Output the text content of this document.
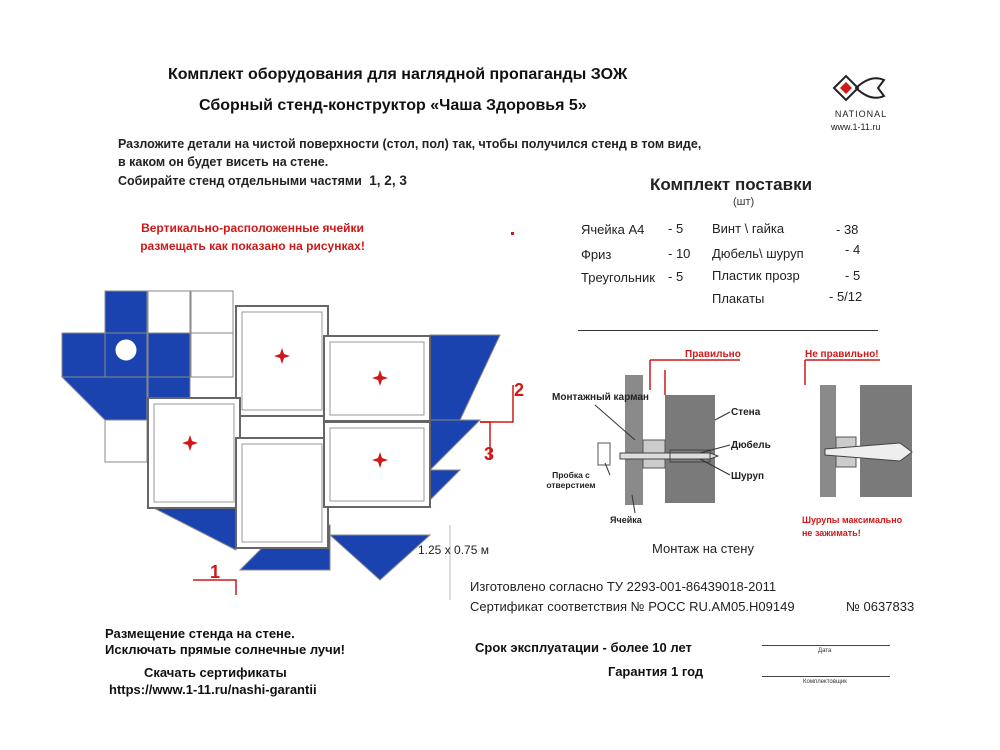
Комплект оборудования для наглядной пропаганды ЗОЖ
Сборный стенд-конструктор «Чаша Здоровья 5»	NATIONAL
www.1-11.ru
Разложите детали на чистой поверхности (стол, пол) так, чтобы получился стенд в том виде,
в каком он будет висеть на стене.
Собирайте стенд отдельными частями 1, 2, 3
Вертикально-расположенные ячейки
размещать как показано на рисунках!
Комплект поставки
(шт)
Ячейка А4 - 5
Фриз	- 10
Треугольник - 5
Винт \ гайка	- 38
Дюбель\ шуруп	- 4
Пластик прозр	- 5
Плакаты	- 5/12
1
2
3
1.25 x 0.75 м
Правильно
Монтажный карман
Стена
Дюбель
Шуруп
Ячейка
Не правильно!
Шурупы максимально
не зажимать!
Пробка с отверстием
Монтаж на стену
Изготовлено согласно ТУ 2293-001-86439018-2011
Сертификат соответствия № РОСС RU.АМ05.Н09149	№ 0637833
Размещение стенда на стене.
Исключать прямые солнечные лучи!
Скачать сертификаты
https://www.1-11.ru/nashi-garantii
Срок эксплуатации - более 10 лет
Гарантия 1 год
Дата
Комплектовщик
